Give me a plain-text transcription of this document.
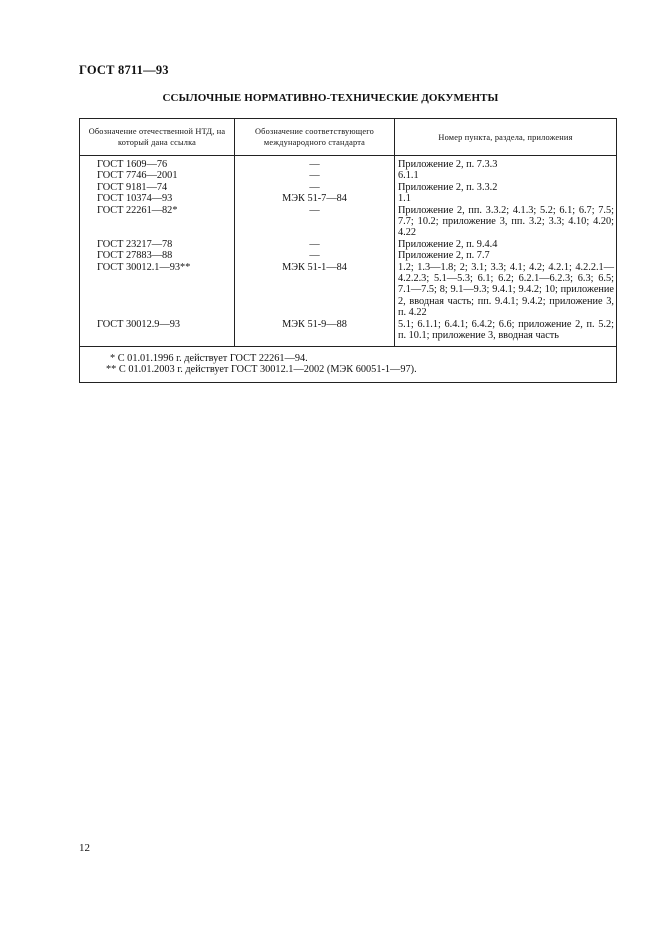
ГОСТ 8711—93
ССЫЛОЧНЫЕ НОРМАТИВНО-ТЕХНИЧЕСКИЕ ДОКУМЕНТЫ
Обозначение отечественной НТД, на который дана ссылка	Обозначение соответствующего международного стандарта	Номер пункта, раздела, приложения
ГОСТ 1609—76	—	Приложение 2, п. 7.3.3
ГОСТ 7746—2001	—	6.1.1
ГОСТ 9181—74	—	Приложение 2, п. 3.3.2
ГОСТ 10374—93	МЭК 51-7—84	1.1
ГОСТ 22261—82*	—	Приложение 2, пп. 3.3.2; 4.1.3; 5.2; 6.1; 6.7; 7.5; 7.7; 10.2; приложение 3, пп. 3.2; 3.3; 4.10; 4.20; 4.22
ГОСТ 23217—78	—	Приложение 2, п. 9.4.4
ГОСТ 27883—88	—	Приложение 2, п. 7.7
ГОСТ 30012.1—93**	МЭК 51-1—84	1.2; 1.3—1.8; 2; 3.1; 3.3; 4.1; 4.2; 4.2.1; 4.2.2.1—4.2.2.3; 5.1—5.3; 6.1; 6.2; 6.2.1—6.2.3; 6.3; 6.5; 7.1—7.5; 8; 9.1—9.3; 9.4.1; 9.4.2; 10; приложение 2, вводная часть; пп. 9.4.1; 9.4.2; приложение 3, п. 4.22
ГОСТ 30012.9—93	МЭК 51-9—88	5.1; 6.1.1; 6.4.1; 6.4.2; 6.6; приложение 2, п. 5.2; п. 10.1; приложение 3, вводная часть

* С 01.01.1996 г. действует ГОСТ 22261—94.
** С 01.01.2003 г. действует ГОСТ 30012.1—2002 (МЭК 60051-1—97).		
12
